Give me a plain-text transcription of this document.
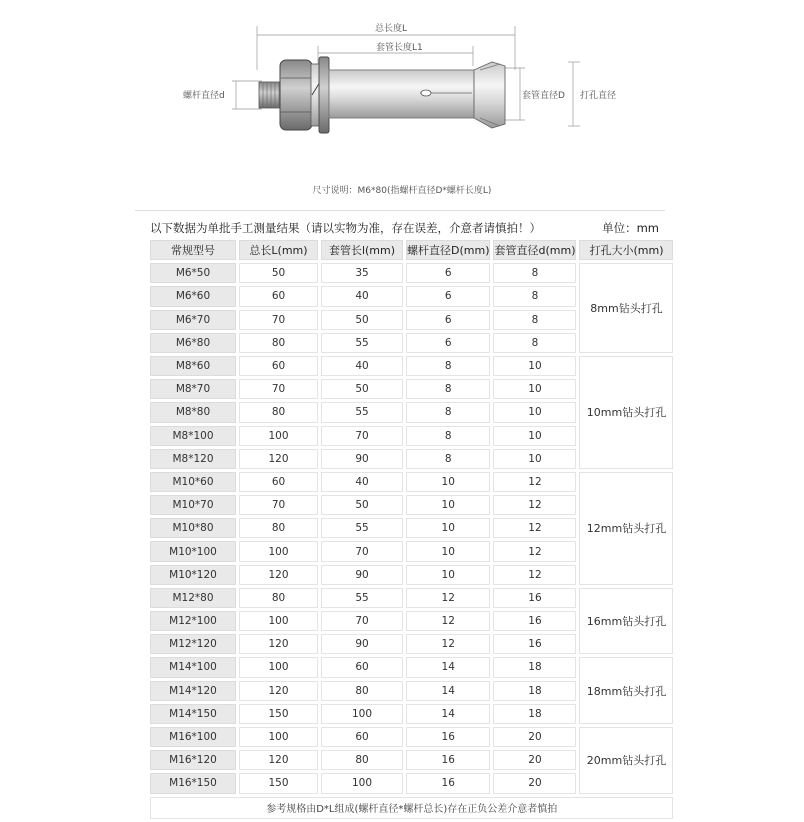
总长度L
套管长度L1
螺杆直径d	套管直径D 打孔直径
尺寸说明：M6*80(指螺杆直径D*螺杆长度L)
以下数据为单批手工测量结果（请以实物为准，存在误差，介意者请慎拍！）	单位：mm
常规型号	总长L(mm)	套管长l(mm)	螺杆直径D(mm)	套管直径d(mm)	打孔大小(mm)
M6*50	50	35	6	8	8mm钻头打孔
M6*60	60	40	6	8	
M6*70	70	50	6	8	
M6*80	80	55	6	8	
M8*60	60	40	8	10	10mm钻头打孔
M8*70	70	50	8	10	
M8*80	80	55	8	10	
M8*100	100	70	8	10	
M8*120	120	90	8	10	
M10*60	60	40	10	12	12mm钻头打孔
M10*70	70	50	10	12	
M10*80	80	55	10	12	
M10*100	100	70	10	12	
M10*120	120	90	10	12	
M12*80	80	55	12	16	16mm钻头打孔
M12*100	100	70	12	16	
M12*120	120	90	12	16	
M14*100	100	60	14	18	18mm钻头打孔
M14*120	120	80	14	18	
M14*150	150	100	14	18	
M16*100	100	60	16	20	20mm钻头打孔
M16*120	120	80	16	20	
M16*150	150	100	16	20	
参考规格由D*L组成(螺杆直径*螺杆总长)存在正负公差介意者慎拍					
